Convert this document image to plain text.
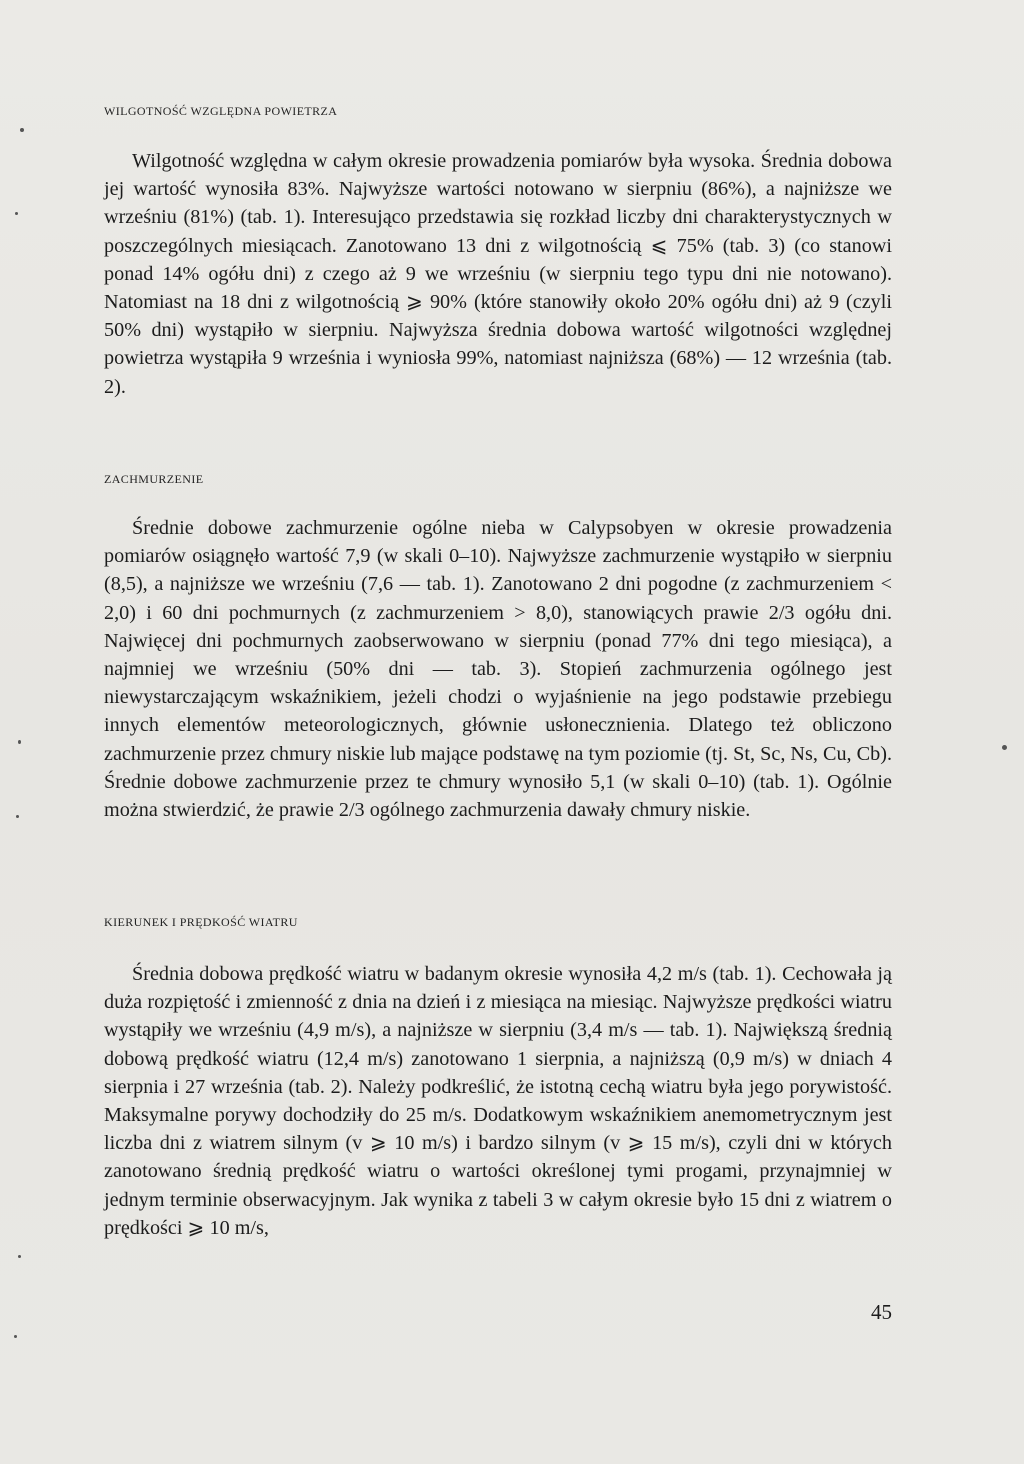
WILGOTNOŚĆ WZGLĘDNA POWIETRZA

Wilgotność względna w całym okresie prowadzenia pomiarów była wysoka. Średnia dobowa jej wartość wynosiła 83%. Najwyższe wartości notowano w sierpniu (86%), a najniższe we wrześniu (81%) (tab. 1). Interesująco przedstawia się rozkład liczby dni charakterystycznych w poszczególnych miesiącach. Zanotowano 13 dni z wilgotnością ⩽ 75% (tab. 3) (co stanowi ponad 14% ogółu dni) z czego aż 9 we wrześniu (w sierpniu tego typu dni nie notowano). Natomiast na 18 dni z wilgotnością ⩾ 90% (które stanowiły około 20% ogółu dni) aż 9 (czyli 50% dni) wystąpiło w sierpniu. Najwyższa średnia dobowa wartość wilgotności względnej powietrza wystąpiła 9 września i wyniosła 99%, natomiast najniższa (68%) — 12 września (tab. 2).

ZACHMURZENIE

Średnie dobowe zachmurzenie ogólne nieba w Calypsobyen w okresie prowadzenia pomiarów osiągnęło wartość 7,9 (w skali 0–10). Najwyższe zachmurzenie wystąpiło w sierpniu (8,5), a najniższe we wrześniu (7,6 — tab. 1). Zanotowano 2 dni pogodne (z zachmurzeniem < 2,0) i 60 dni pochmurnych (z zachmurzeniem > 8,0), stanowiących prawie 2/3 ogółu dni. Najwięcej dni pochmurnych zaobserwowano w sierpniu (ponad 77% dni tego miesiąca), a najmniej we wrześniu (50% dni — tab. 3). Stopień zachmurzenia ogólnego jest niewystarczającym wskaźnikiem, jeżeli chodzi o wyjaśnienie na jego podstawie przebiegu innych elementów meteorologicznych, głównie usłonecznienia. Dlatego też obliczono zachmurzenie przez chmury niskie lub mające podstawę na tym poziomie (tj. St, Sc, Ns, Cu, Cb). Średnie dobowe zachmurzenie przez te chmury wynosiło 5,1 (w skali 0–10) (tab. 1). Ogólnie można stwierdzić, że prawie 2/3 ogólnego zachmurzenia dawały chmury niskie.

KIERUNEK I PRĘDKOŚĆ WIATRU

Średnia dobowa prędkość wiatru w badanym okresie wynosiła 4,2 m/s (tab. 1). Cechowała ją duża rozpiętość i zmienność z dnia na dzień i z miesiąca na miesiąc. Najwyższe prędkości wiatru wystąpiły we wrześniu (4,9 m/s), a najniższe w sierpniu (3,4 m/s — tab. 1). Największą średnią dobową prędkość wiatru (12,4 m/s) zanotowano 1 sierpnia, a najniższą (0,9 m/s) w dniach 4 sierpnia i 27 września (tab. 2). Należy podkreślić, że istotną cechą wiatru była jego porywistość. Maksymalne porywy dochodziły do 25 m/s. Dodatkowym wskaźnikiem anemometrycznym jest liczba dni z wiatrem silnym (v ⩾ 10 m/s) i bardzo silnym (v ⩾ 15 m/s), czyli dni w których zanotowano średnią prędkość wiatru o wartości określonej tymi progami, przynajmniej w jednym terminie obserwacyjnym. Jak wynika z tabeli 3 w całym okresie było 15 dni z wiatrem o prędkości ⩾ 10 m/s,

45
